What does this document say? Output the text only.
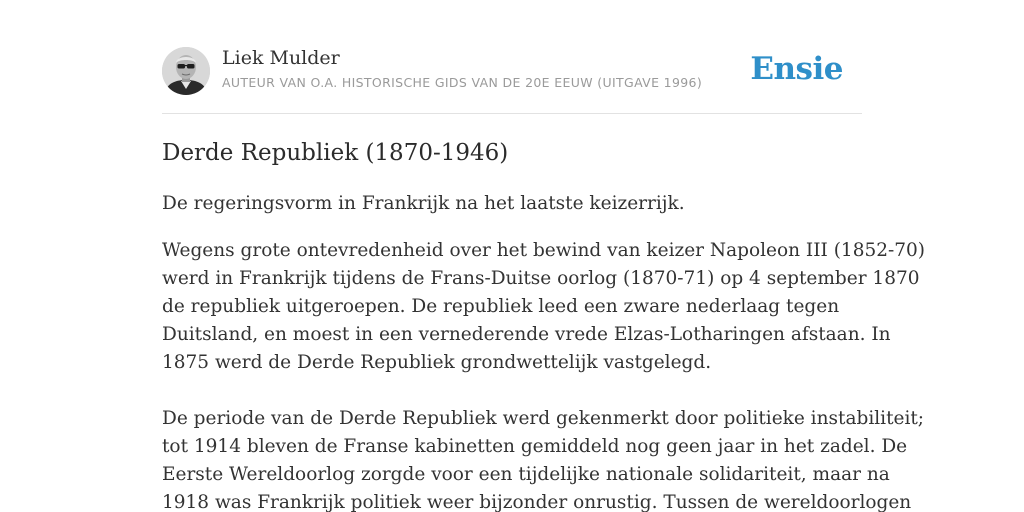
Liek Mulder
AUTEUR VAN O.A. HISTORISCHE GIDS VAN DE 20E EEUW (UITGAVE 1996) Ensie
Derde Republiek (1870-1946)
De regeringsvorm in Frankrijk na het laatste keizerrijk.
Wegens grote ontevredenheid over het bewind van keizer Napoleon III (1852-70)
werd in Frankrijk tijdens de Frans-Duitse oorlog (1870-71) op 4 september 1870
de republiek uitgeroepen. De republiek leed een zware nederlaag tegen
Duitsland, en moest in een vernederende vrede Elzas-Lotharingen afstaan. In
1875 werd de Derde Republiek grondwettelijk vastgelegd.
De periode van de Derde Republiek werd gekenmerkt door politieke instabiliteit;
tot 1914 bleven de Franse kabinetten gemiddeld nog geen jaar in het zadel. De
Eerste Wereldoorlog zorgde voor een tijdelijke nationale solidariteit, maar na
1918 was Frankrijk politiek weer bijzonder onrustig. Tussen de wereldoorlogen
